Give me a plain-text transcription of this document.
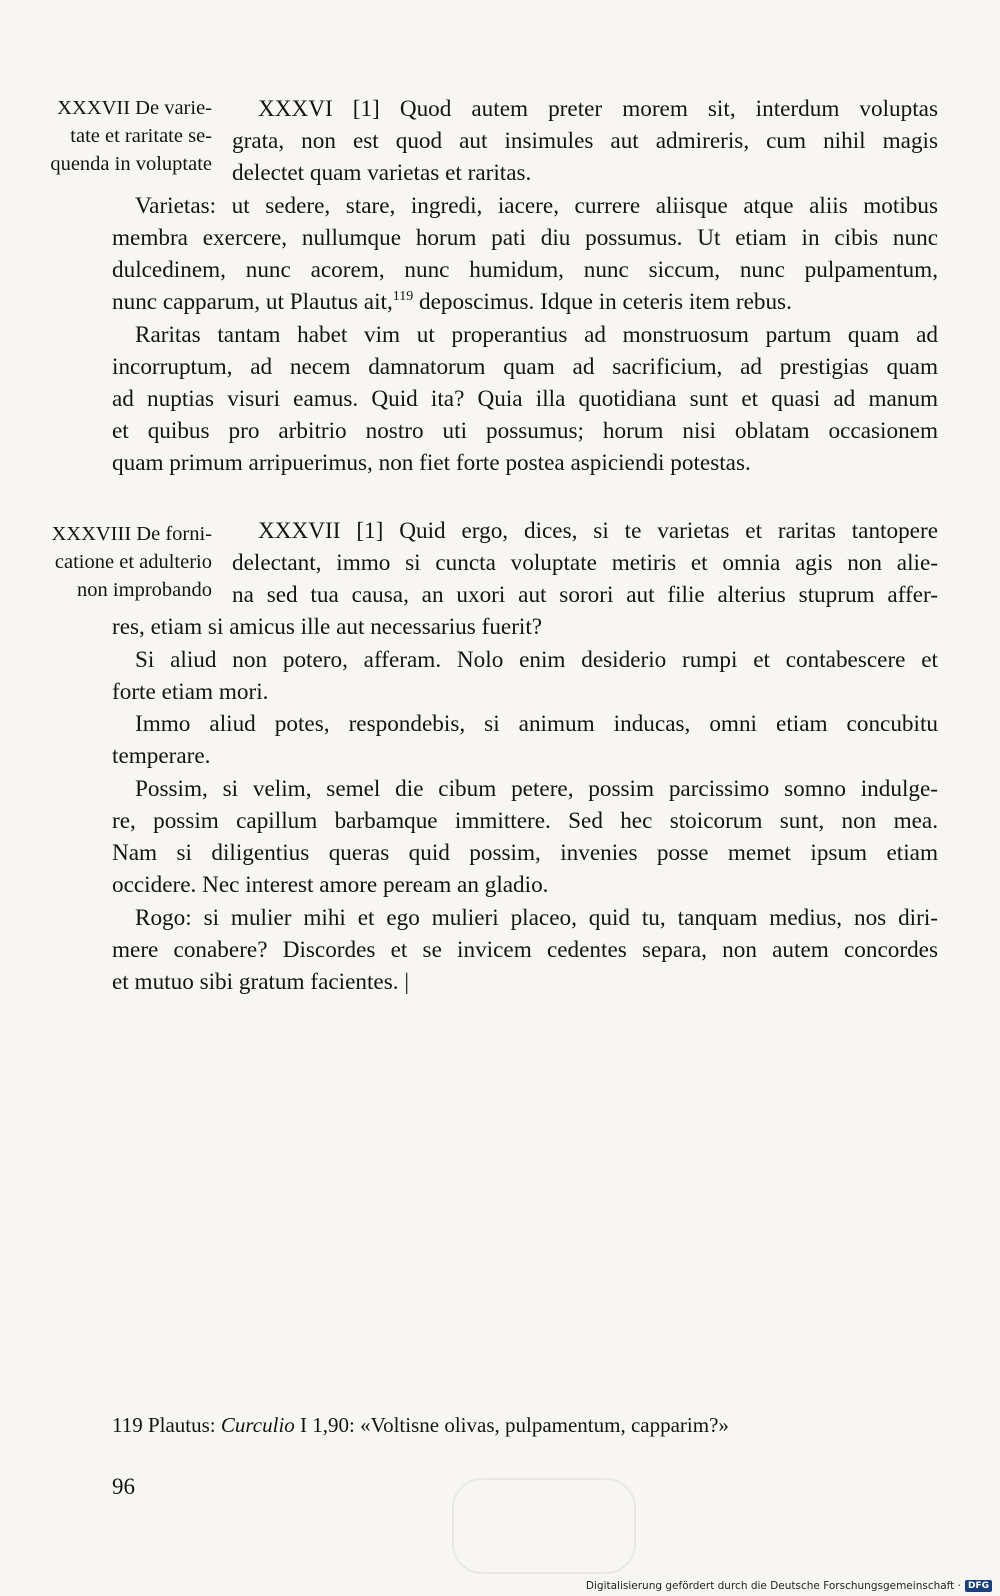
XXXVII De varie-
tate et raritate se-
quenda in voluptate
XXXVIII De forni-
catione et adulterio
non improbando
XXXVI [1] Quod autem preter morem sit, interdum voluptas
grata, non est quod aut insimules aut admireris, cum nihil magis
delectet quam varietas et raritas.
Varietas: ut sedere, stare, ingredi, iacere, currere aliisque atque aliis motibus
membra exercere, nullumque horum pati diu possumus. Ut etiam in cibis nunc
dulcedinem, nunc acorem, nunc humidum, nunc siccum, nunc pulpamentum,
nunc capparum, ut Plautus ait,$^{119}$ deposcimus. Idque in ceteris item rebus.
Raritas tantam habet vim ut properantius ad monstruosum partum quam ad
incorruptum, ad necem damnatorum quam ad sacrificium, ad prestigias quam
ad nuptias visuri eamus. Quid ita? Quia illa quotidiana sunt et quasi ad manum
et quibus pro arbitrio nostro uti possumus; horum nisi oblatam occasionem
quam primum arripuerimus, non fiet forte postea aspiciendi potestas.
XXXVII [1] Quid ergo, dices, si te varietas et raritas tantopere
delectant, immo si cuncta voluptate metiris et omnia agis non alie-
na sed tua causa, an uxori aut sorori aut filie alterius stuprum affer-
res, etiam si amicus ille aut necessarius fuerit?
Si aliud non potero, afferam. Nolo enim desiderio rumpi et contabescere et
forte etiam mori.
Immo aliud potes, respondebis, si animum inducas, omni etiam concubitu
temperare.
Possim, si velim, semel die cibum petere, possim parcissimo somno indulge-
re, possim capillum barbamque immittere. Sed hec stoicorum sunt, non mea.
Nam si diligentius queras quid possim, invenies posse memet ipsum etiam
occidere. Nec interest amore peream an gladio.
Rogo: si mulier mihi et ego mulieri placeo, quid tu, tanquam medius, nos diri-
mere conabere? Discordes et se invicem cedentes separa, non autem concordes
et mutuo sibi gratum facientes. |
119 Plautus: Curculio I 1,90: «Voltisne olivas, pulpamentum, capparim?»
96
Digitalisierung gefördert durch die Deutsche Forschungsgemeinschaft · DFG
